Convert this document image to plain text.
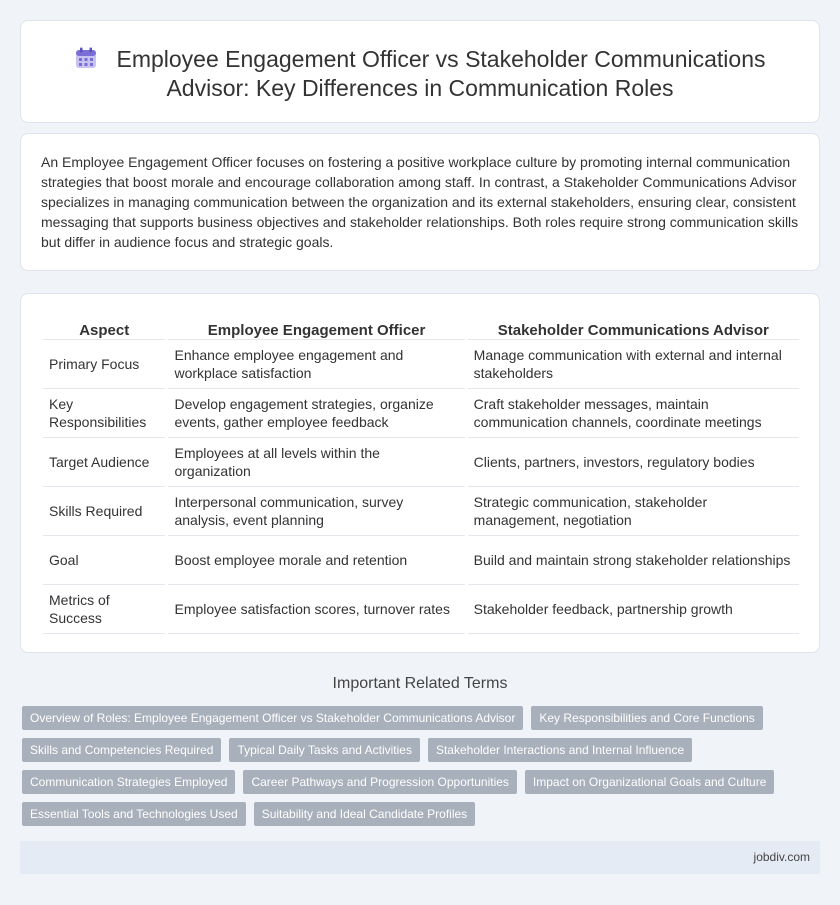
Employee Engagement Officer vs Stakeholder Communications Advisor: Key Differences in Communication Roles

An Employee Engagement Officer focuses on fostering a positive workplace culture by promoting internal communication strategies that boost morale and encourage collaboration among staff. In contrast, a Stakeholder Communications Advisor specializes in managing communication between the organization and its external stakeholders, ensuring clear, consistent messaging that supports business objectives and stakeholder relationships. Both roles require strong communication skills but differ in audience focus and strategic goals.

Aspect		Employee Engagement Officer		Stakeholder Communications Advisor
Primary Focus		Enhance employee engagement and workplace satisfaction		Manage communication with external and internal stakeholders
Key Responsibilities		Develop engagement strategies, organize events, gather employee feedback		Craft stakeholder messages, maintain communication channels, coordinate meetings
Target Audience		Employees at all levels within the organization		Clients, partners, investors, regulatory bodies
Skills Required		Interpersonal communication, survey analysis, event planning		Strategic communication, stakeholder management, negotiation
Goal		Boost employee morale and retention		Build and maintain strong stakeholder relationships
Metrics of Success		Employee satisfaction scores, turnover rates		Stakeholder feedback, partnership growth
Important Related Terms
Overview of Roles: Employee Engagement Officer vs Stakeholder Communications Advisor	Key Responsibilities and Core Functions
Skills and Competencies Required	Typical Daily Tasks and Activities	Stakeholder Interactions and Internal Influence
Communication Strategies Employed	Career Pathways and Progression Opportunities	Impact on Organizational Goals and Culture
Essential Tools and Technologies Used	Suitability and Ideal Candidate Profiles
jobdiv.com
